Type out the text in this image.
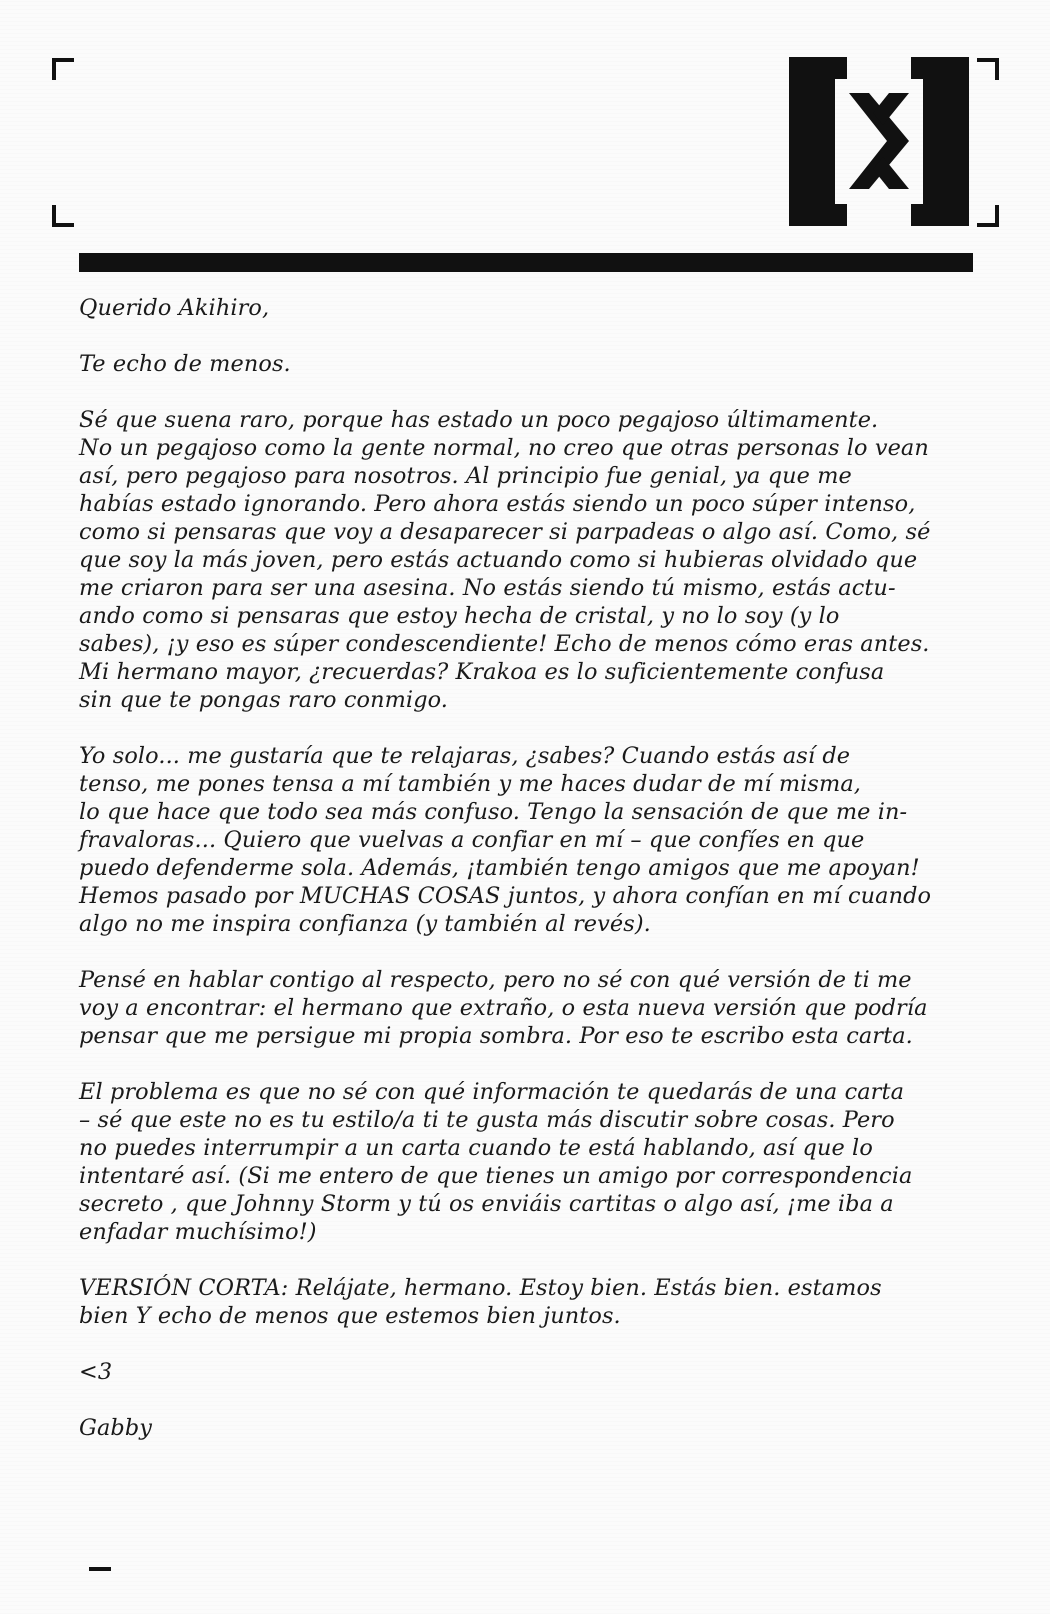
Querido Akihiro,

Te echo de menos.

Sé que suena raro, porque has estado un poco pegajoso últimamente.
No un pegajoso como la gente normal, no creo que otras personas lo vean
así, pero pegajoso para nosotros. Al principio fue genial, ya que me
habías estado ignorando. Pero ahora estás siendo un poco súper intenso,
como si pensaras que voy a desaparecer si parpadeas o algo así. Como, sé
que soy la más joven, pero estás actuando como si hubieras olvidado que
me criaron para ser una asesina. No estás siendo tú mismo, estás actu-
ando como si pensaras que estoy hecha de cristal, y no lo soy (y lo
sabes), ¡y eso es súper condescendiente! Echo de menos cómo eras antes.
Mi hermano mayor, ¿recuerdas? Krakoa es lo suficientemente confusa
sin que te pongas raro conmigo.

Yo solo... me gustaría que te relajaras, ¿sabes? Cuando estás así de
tenso, me pones tensa a mí también y me haces dudar de mí misma,
lo que hace que todo sea más confuso. Tengo la sensación de que me in-
fravaloras... Quiero que vuelvas a confiar en mí – que confíes en que
puedo defenderme sola. Además, ¡también tengo amigos que me apoyan!
Hemos pasado por MUCHAS COSAS juntos, y ahora confían en mí cuando
algo no me inspira confianza (y también al revés).

Pensé en hablar contigo al respecto, pero no sé con qué versión de ti me
voy a encontrar: el hermano que extraño, o esta nueva versión que podría
pensar que me persigue mi propia sombra. Por eso te escribo esta carta.

El problema es que no sé con qué información te quedarás de una carta
– sé que este no es tu estilo/a ti te gusta más discutir sobre cosas. Pero
no puedes interrumpir a un carta cuando te está hablando, así que lo
intentaré así. (Si me entero de que tienes un amigo por correspondencia
secreto , que Johnny Storm y tú os enviáis cartitas o algo así, ¡me iba a
enfadar muchísimo!)

VERSIÓN CORTA: Relájate, hermano. Estoy bien. Estás bien. estamos
bien Y echo de menos que estemos bien juntos.

<3

Gabby
